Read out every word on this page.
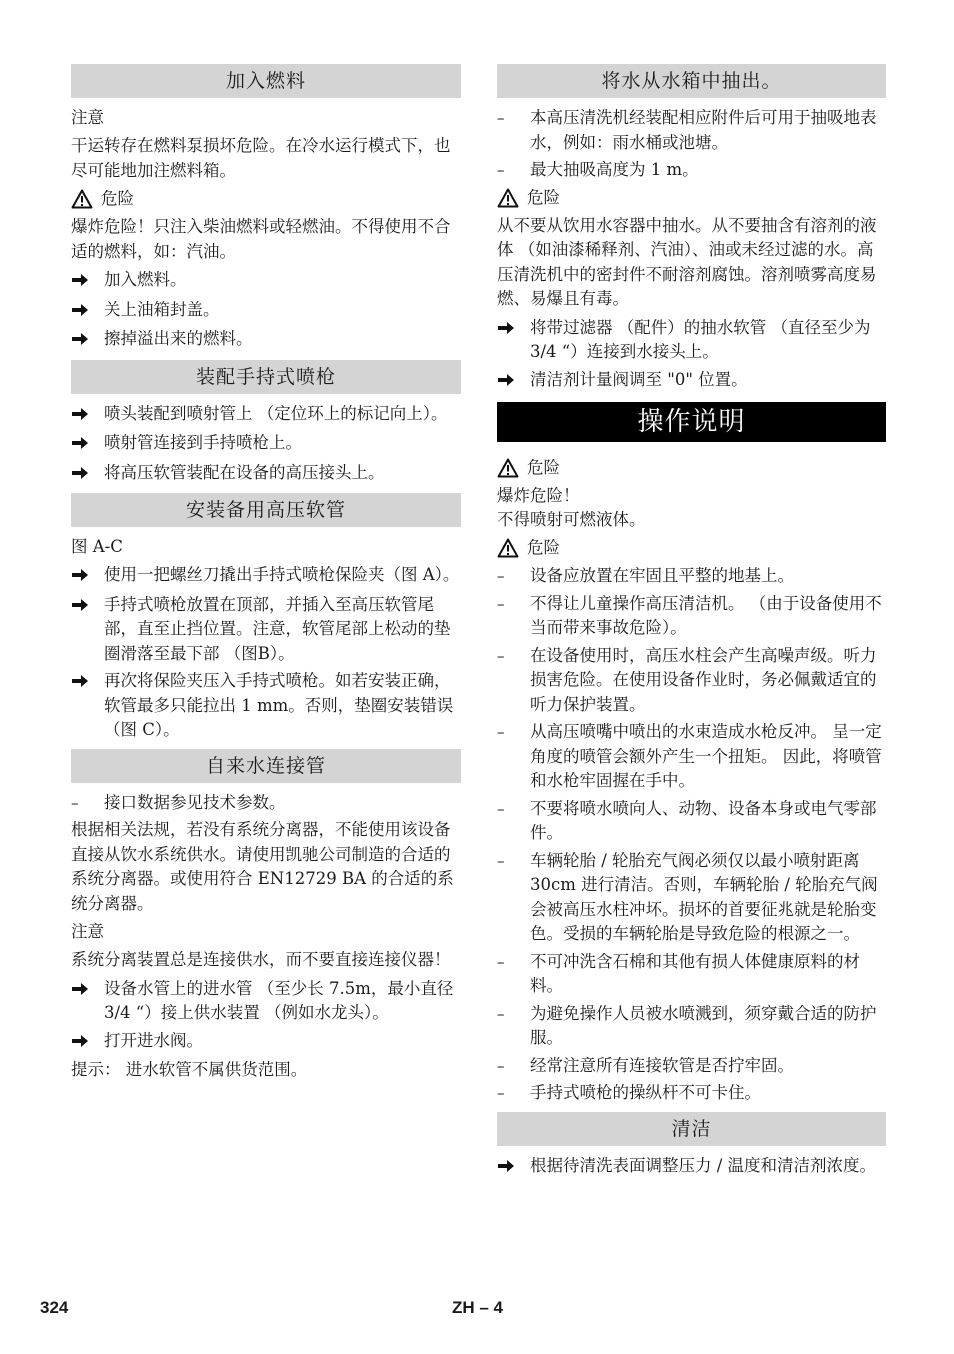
加入燃料
注意
干运转存在燃料泵损坏危险。在冷水运行模式下，也尽可能地加注燃料箱。
危险
爆炸危险！只注入柴油燃料或轻燃油。不得使用不合适的燃料，如：汽油。
加入燃料。
关上油箱封盖。
擦掉溢出来的燃料。
装配手持式喷枪
喷头装配到喷射管上 （定位环上的标记向上）。
喷射管连接到手持喷枪上。
将高压软管装配在设备的高压接头上。
安装备用高压软管
图 A-C
使用一把螺丝刀撬出手持式喷枪保险夹（图 A）。
手持式喷枪放置在顶部，并插入至高压软管尾部，直至止挡位置。注意，软管尾部上松动的垫圈滑落至最下部 （图B）。
再次将保险夹压入手持式喷枪。如若安装正确，软管最多只能拉出 1 mm。否则，垫圈安装错误 （图 C）。
自来水连接管
–	接口数据参见技术参数。
根据相关法规，若没有系统分离器，不能使用该设备直接从饮水系统供水。请使用凯驰公司制造的合适的系统分离器。或使用符合 EN12729 BA 的合适的系统分离器。
注意
系统分离装置总是连接供水，而不要直接连接仪器！
设备水管上的进水管 （至少长 7.5m，最小直径 3/4 “）接上供水装置 （例如水龙头）。
打开进水阀。
提示： 进水软管不属供货范围。
将水从水箱中抽出。
–	本高压清洗机经装配相应附件后可用于抽吸地表水，例如：雨水桶或池塘。
–	最大抽吸高度为 1 m。
危险
从不要从饮用水容器中抽水。从不要抽含有溶剂的液体 （如油漆稀释剂、汽油）、油或未经过滤的水。高压清洗机中的密封件不耐溶剂腐蚀。溶剂喷雾高度易燃、易爆且有毒。
将带过滤器 （配件）的抽水软管 （直径至少为 3/4 “）连接到水接头上。
清洁剂计量阀调至 "0" 位置。
操作说明
危险
爆炸危险！
不得喷射可燃液体。
危险
–	设备应放置在牢固且平整的地基上。
–	不得让儿童操作高压清洁机。 （由于设备使用不当而带来事故危险）。
–	在设备使用时，高压水柱会产生高噪声级。听力损害危险。在使用设备作业时，务必佩戴适宜的听力保护装置。
–	从高压喷嘴中喷出的水束造成水枪反冲。 呈一定角度的喷管会额外产生一个扭矩。 因此，将喷管和水枪牢固握在手中。
–	不要将喷水喷向人、动物、设备本身或电气零部件。
–	车辆轮胎 / 轮胎充气阀必须仅以最小喷射距离 30cm 进行清洁。否则，车辆轮胎 / 轮胎充气阀会被高压水柱冲坏。损坏的首要征兆就是轮胎变色。受损的车辆轮胎是导致危险的根源之一。
–	不可冲洗含石棉和其他有损人体健康原料的材料。
–	为避免操作人员被水喷溅到，须穿戴合适的防护服。
–	经常注意所有连接软管是否拧牢固。
–	手持式喷枪的操纵杆不可卡住。
清洁
根据待清洗表面调整压力 / 温度和清洁剂浓度。
324	ZH – 4
